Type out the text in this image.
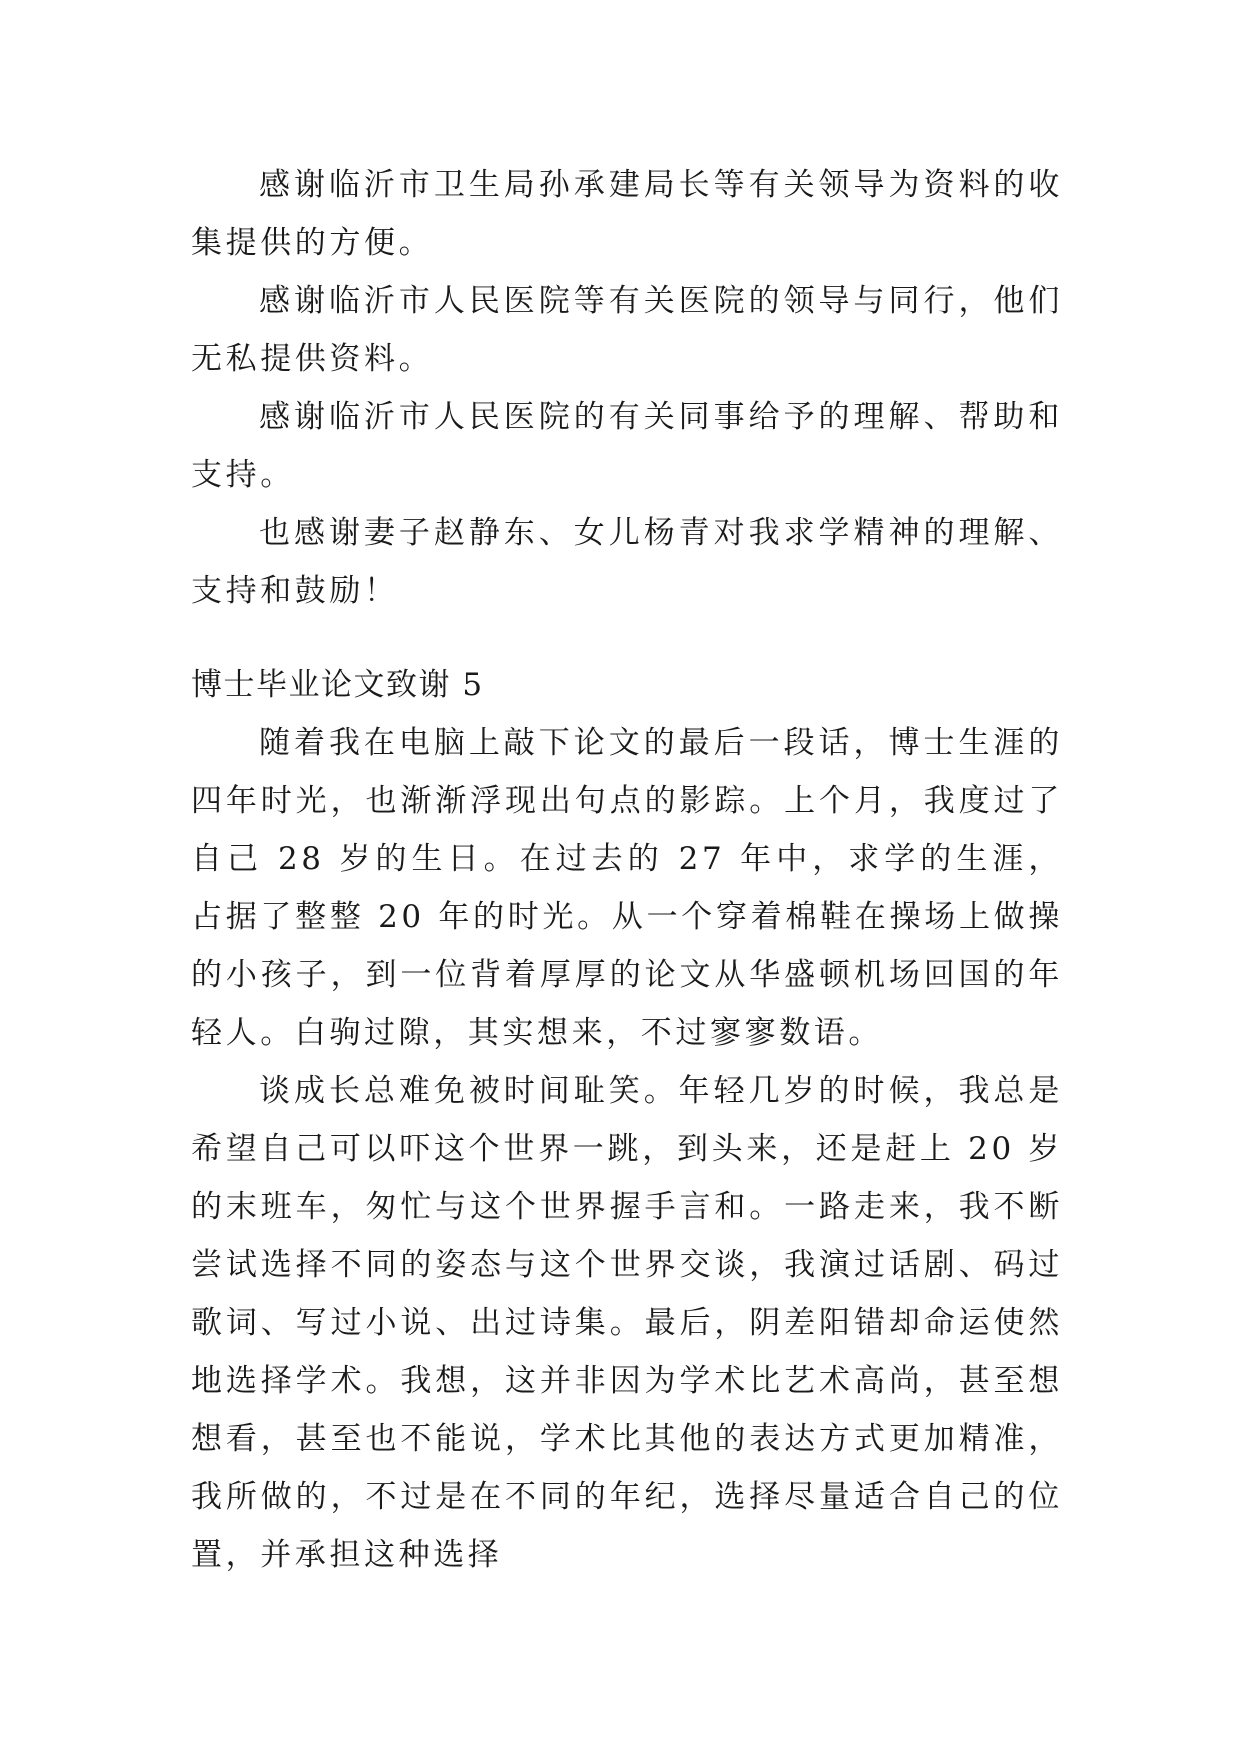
感谢临沂市卫生局孙承建局长等有关领导为资料的收集提供的方便。

感谢临沂市人民医院等有关医院的领导与同行，他们无私提供资料。

感谢临沂市人民医院的有关同事给予的理解、帮助和支持。

也感谢妻子赵静东、女儿杨青对我求学精神的理解、支持和鼓励！

博士毕业论文致谢 5

随着我在电脑上敲下论文的最后一段话，博士生涯的四年时光，也渐渐浮现出句点的影踪。上个月，我度过了自己 28 岁的生日。在过去的 27 年中，求学的生涯，占据了整整 20 年的时光。从一个穿着棉鞋在操场上做操的小孩子，到一位背着厚厚的论文从华盛顿机场回国的年轻人。白驹过隙，其实想来，不过寥寥数语。

谈成长总难免被时间耻笑。年轻几岁的时候，我总是希望自己可以吓这个世界一跳，到头来，还是赶上 20 岁的末班车，匆忙与这个世界握手言和。一路走来，我不断尝试选择不同的姿态与这个世界交谈，我演过话剧、码过歌词、写过小说、出过诗集。最后，阴差阳错却命运使然地选择学术。我想，这并非因为学术比艺术高尚，甚至想想看，甚至也不能说，学术比其他的表达方式更加精准，我所做的，不过是在不同的年纪，选择尽量适合自己的位置，并承担这种选择
